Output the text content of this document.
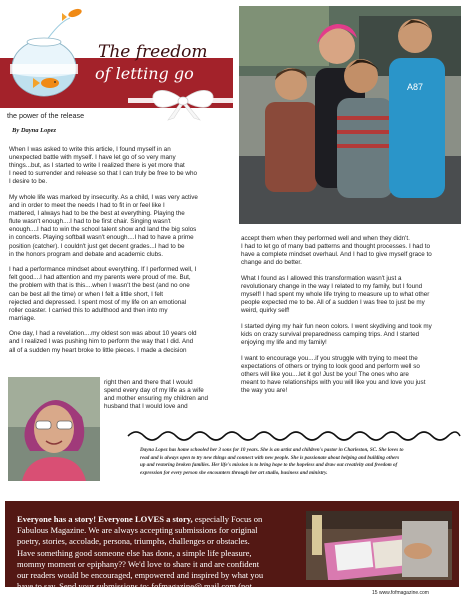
The freedom
of letting go
the power of the release
By Dayna Lopez
A87

When I was asked to write this article, I found myself in an
unexpected battle with myself. I have let go of so very many
things...but, as I started to write I realized there is yet more that
I need to surrender and release so that I can truly be free to be who
I desire to be.

My whole life was marked by insecurity. As a child, I was very active
and in order to meet the needs I had to fit in or feel like I
mattered, I always had to be the best at everything. Playing the
flute wasn't enough....I had to be first chair. Singing wasn't
enough....I had to win the school talent show and land the big solos
in concerts. Playing softball wasn't enough....I had to have a prime
position (catcher). I couldn't just get decent grades...I had to be
in the honors program and debate and academic clubs.

I had a performance mindset about everything. If I performed well, I
felt good....I had attention and my parents were proud of me. But,
the problem with that is this....when I wasn't the best (and no one
can be best all the time) or when I felt a little short, I felt
rejected and depressed. I spent most of my life on an emotional
roller coaster. I carried this to adulthood and then into my
marriage.

One day, I had a revelation....my oldest son was about 10 years old
and I realized I was pushing him to perform the way that I did. And
all of a sudden my heart broke to little pieces. I made a decision

right then and there that I would
spend every day of my life as a wife
and mother ensuring my children and
husband that I would love and

accept them when they performed well and when they didn't.
I had to let go of many bad patterns and thought processes. I had to
have a complete mindset overhaul. And I had to give myself grace to
change and do better.

What I found as I allowed this transformation wasn't just a
revolutionary change in the way I related to my family, but I found
myself! I had spent my whole life trying to measure up to what other
people expected me to be. All of a sudden I was free to just be my
weird, quirky self!

I started dying my hair fun neon colors. I went skydiving and took my
kids on crazy survival preparedness camping trips. And I started
enjoying my life and my family!

I want to encourage you....if you struggle with trying to meet the
expectations of others or trying to look good and perform well so
others will like you....let it go! Just be you! The ones who are
meant to have relationships with you will like you and love you just
the way you are!

Dayna Lopez has home schooled her 3 sons for 10 years. She is an artist and children's pastor in Charleston, SC. She loves to
read and is always open to try new things and connect with new people. She is passionate about helping and building others
up and restoring broken families. Her life's mission is to bring hope to the hopeless and draw out creativity and freedom of
expression for every person she encounters through her art studio, business and ministry.
Everyone has a story! Everyone LOVES a story, especially Focus on
Fabulous Magazine. We are always accepting submissions for original
poetry, stories, accolade, persona, triumphs, challenges or obstacles.
Have something good someone else has done, a simple life pleasure,
mommy moment or epiphany?? We'd love to share it and are confident
our readers would be encouraged, empowered and inspired by what you
have to say. Send your submissions to: fofmagazine@ mail.com (not
Gmail)	15 www.fofmagazine.com
